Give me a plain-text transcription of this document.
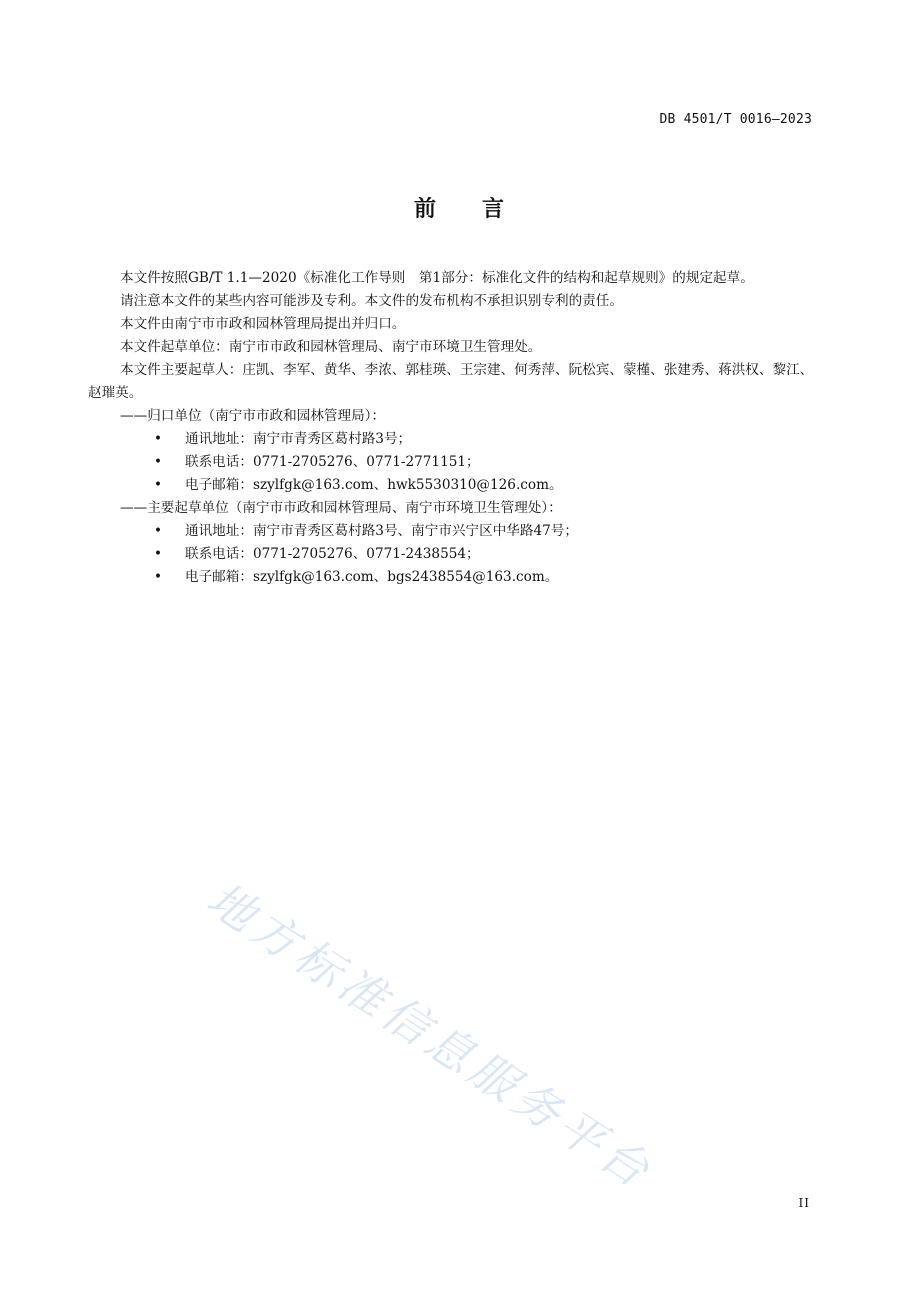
DB 4501/T 0016—2023
前 言

本文件按照GB/T 1.1—2020《标准化工作导则　第1部分：标准化文件的结构和起草规则》的规定起草。

请注意本文件的某些内容可能涉及专利。本文件的发布机构不承担识别专利的责任。

本文件由南宁市市政和园林管理局提出并归口。

本文件起草单位：南宁市市政和园林管理局、南宁市环境卫生管理处。

本文件主要起草人：庄凯、李军、黄华、李浓、郭桂瑛、王宗建、何秀萍、阮松宾、蒙槿、张建秀、蒋洪权、黎江、赵璀英。

——归口单位（南宁市市政和园林管理局）：

•	通讯地址：南宁市青秀区葛村路3号；

•	联系电话：0771-2705276、0771-2771151；

•	电子邮箱：szylfgk@163.com、hwk5530310@126.com。

——主要起草单位（南宁市市政和园林管理局、南宁市环境卫生管理处）：

•	通讯地址：南宁市青秀区葛村路3号、南宁市兴宁区中华路47号；

•	联系电话：0771-2705276、0771-2438554；

•	电子邮箱：szylfgk@163.com、bgs2438554@163.com。

地方标准信息服务平台
II
